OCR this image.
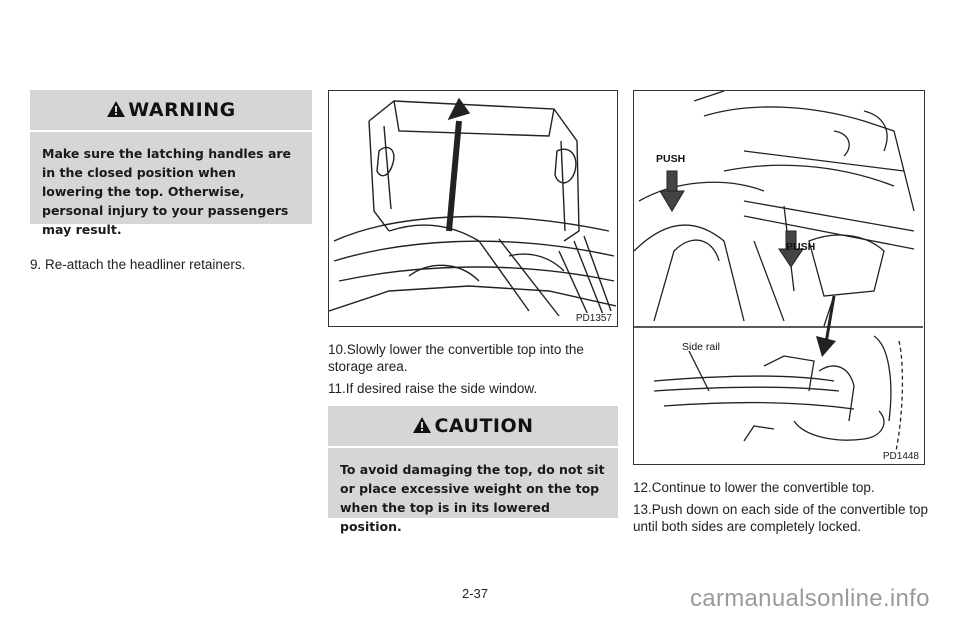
WARNING
Make sure the latching handles are in the closed position when lowering the top. Otherwise, personal injury to your passengers may result.
9. Re-attach the headliner retainers.
PD1357
10.Slowly lower the convertible top into the storage area.
11.If desired raise the side window.
CAUTION
To avoid damaging the top, do not sit or place excessive weight on the top when the top is in its lowered position.
PUSH
PUSH
Side rail
PD1448
12.Continue to lower the convertible top.
13.Push down on each side of the convertible top until both sides are completely locked.
2-37	carmanualsonline.info
